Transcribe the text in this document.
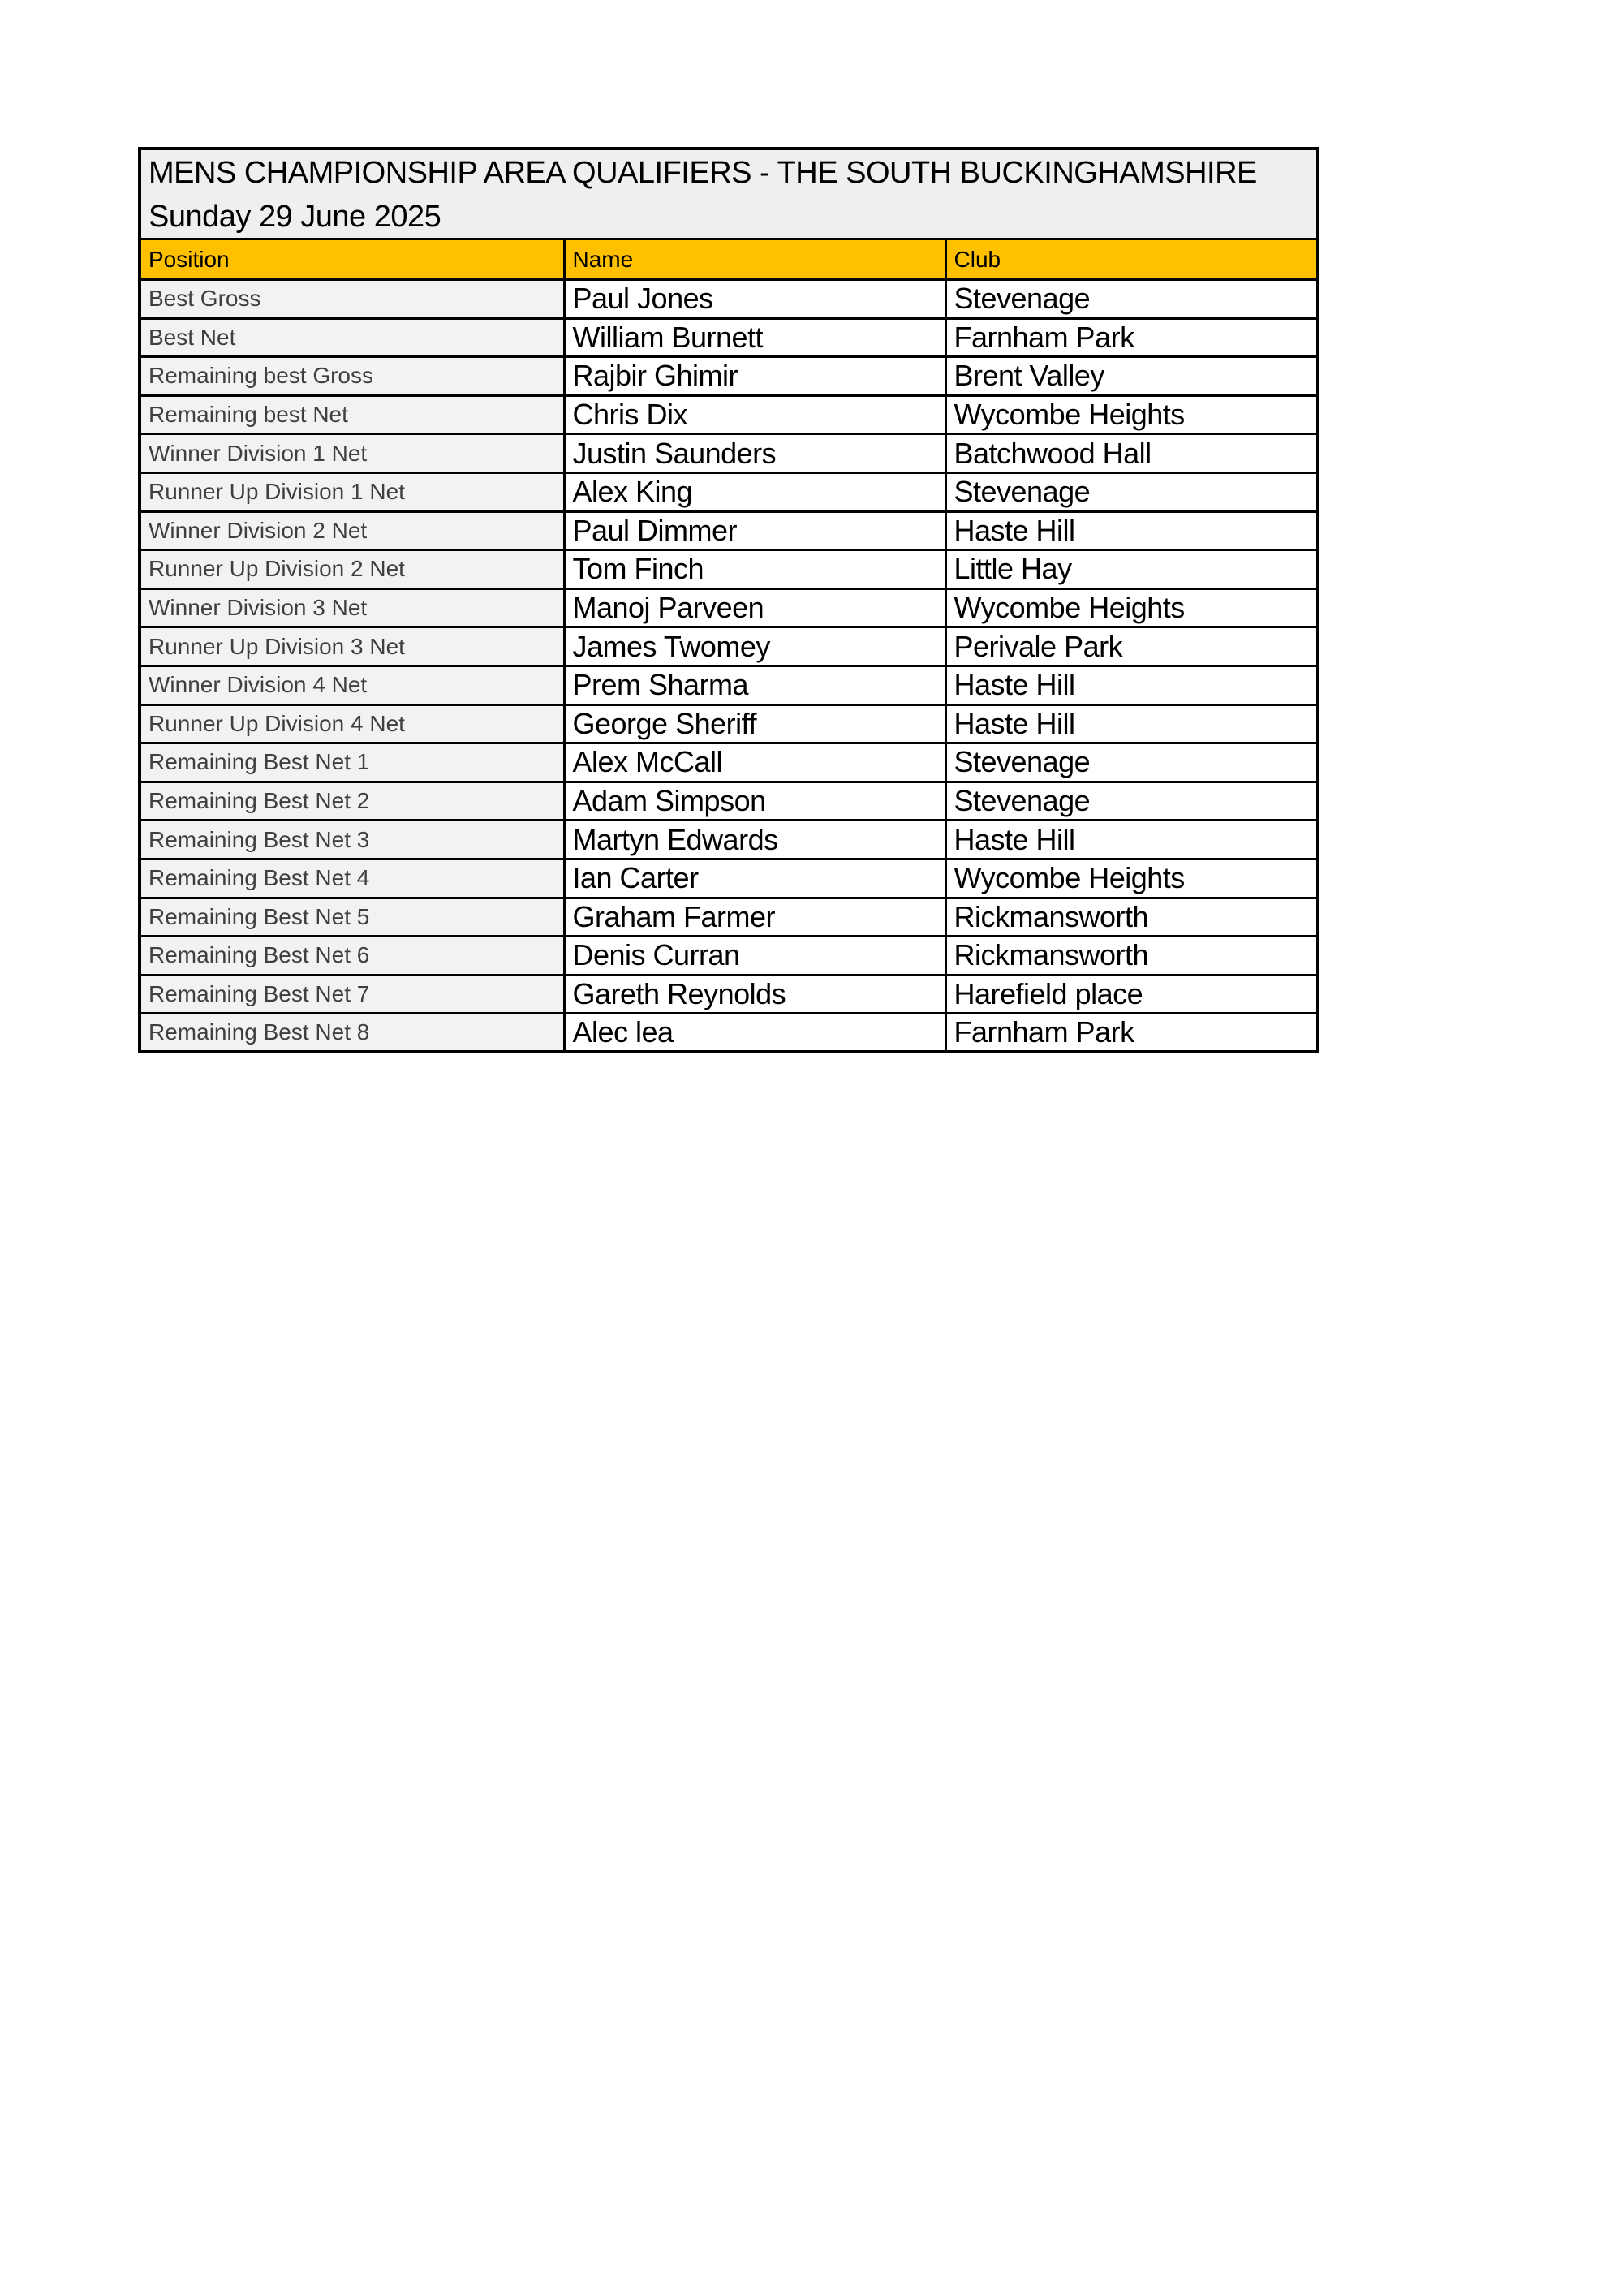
MENS CHAMPIONSHIP AREA QUALIFIERS - THE SOUTH BUCKINGHAMSHIRE
Sunday 29 June 2025		

Position	Name	Club
Best Gross	Paul Jones	Stevenage
Best Net	William Burnett	Farnham Park
Remaining best Gross	Rajbir Ghimir	Brent Valley
Remaining best Net	Chris Dix	Wycombe Heights
Winner Division 1 Net	Justin Saunders	Batchwood Hall
Runner Up Division 1 Net	Alex King	Stevenage
Winner Division 2 Net	Paul Dimmer	Haste Hill
Runner Up Division 2 Net	Tom Finch	Little Hay
Winner Division 3 Net	Manoj Parveen	Wycombe Heights
Runner Up Division 3 Net	James Twomey	Perivale Park
Winner Division 4 Net	Prem Sharma	Haste Hill
Runner Up Division 4 Net	George Sheriff	Haste Hill
Remaining Best Net 1	Alex McCall	Stevenage
Remaining Best Net 2	Adam Simpson	Stevenage
Remaining Best Net 3	Martyn Edwards	Haste Hill
Remaining Best Net 4	Ian Carter	Wycombe Heights
Remaining Best Net 5	Graham Farmer	Rickmansworth
Remaining Best Net 6	Denis Curran	Rickmansworth
Remaining Best Net 7	Gareth Reynolds	Harefield place
Remaining Best Net 8	Alec lea	Farnham Park
